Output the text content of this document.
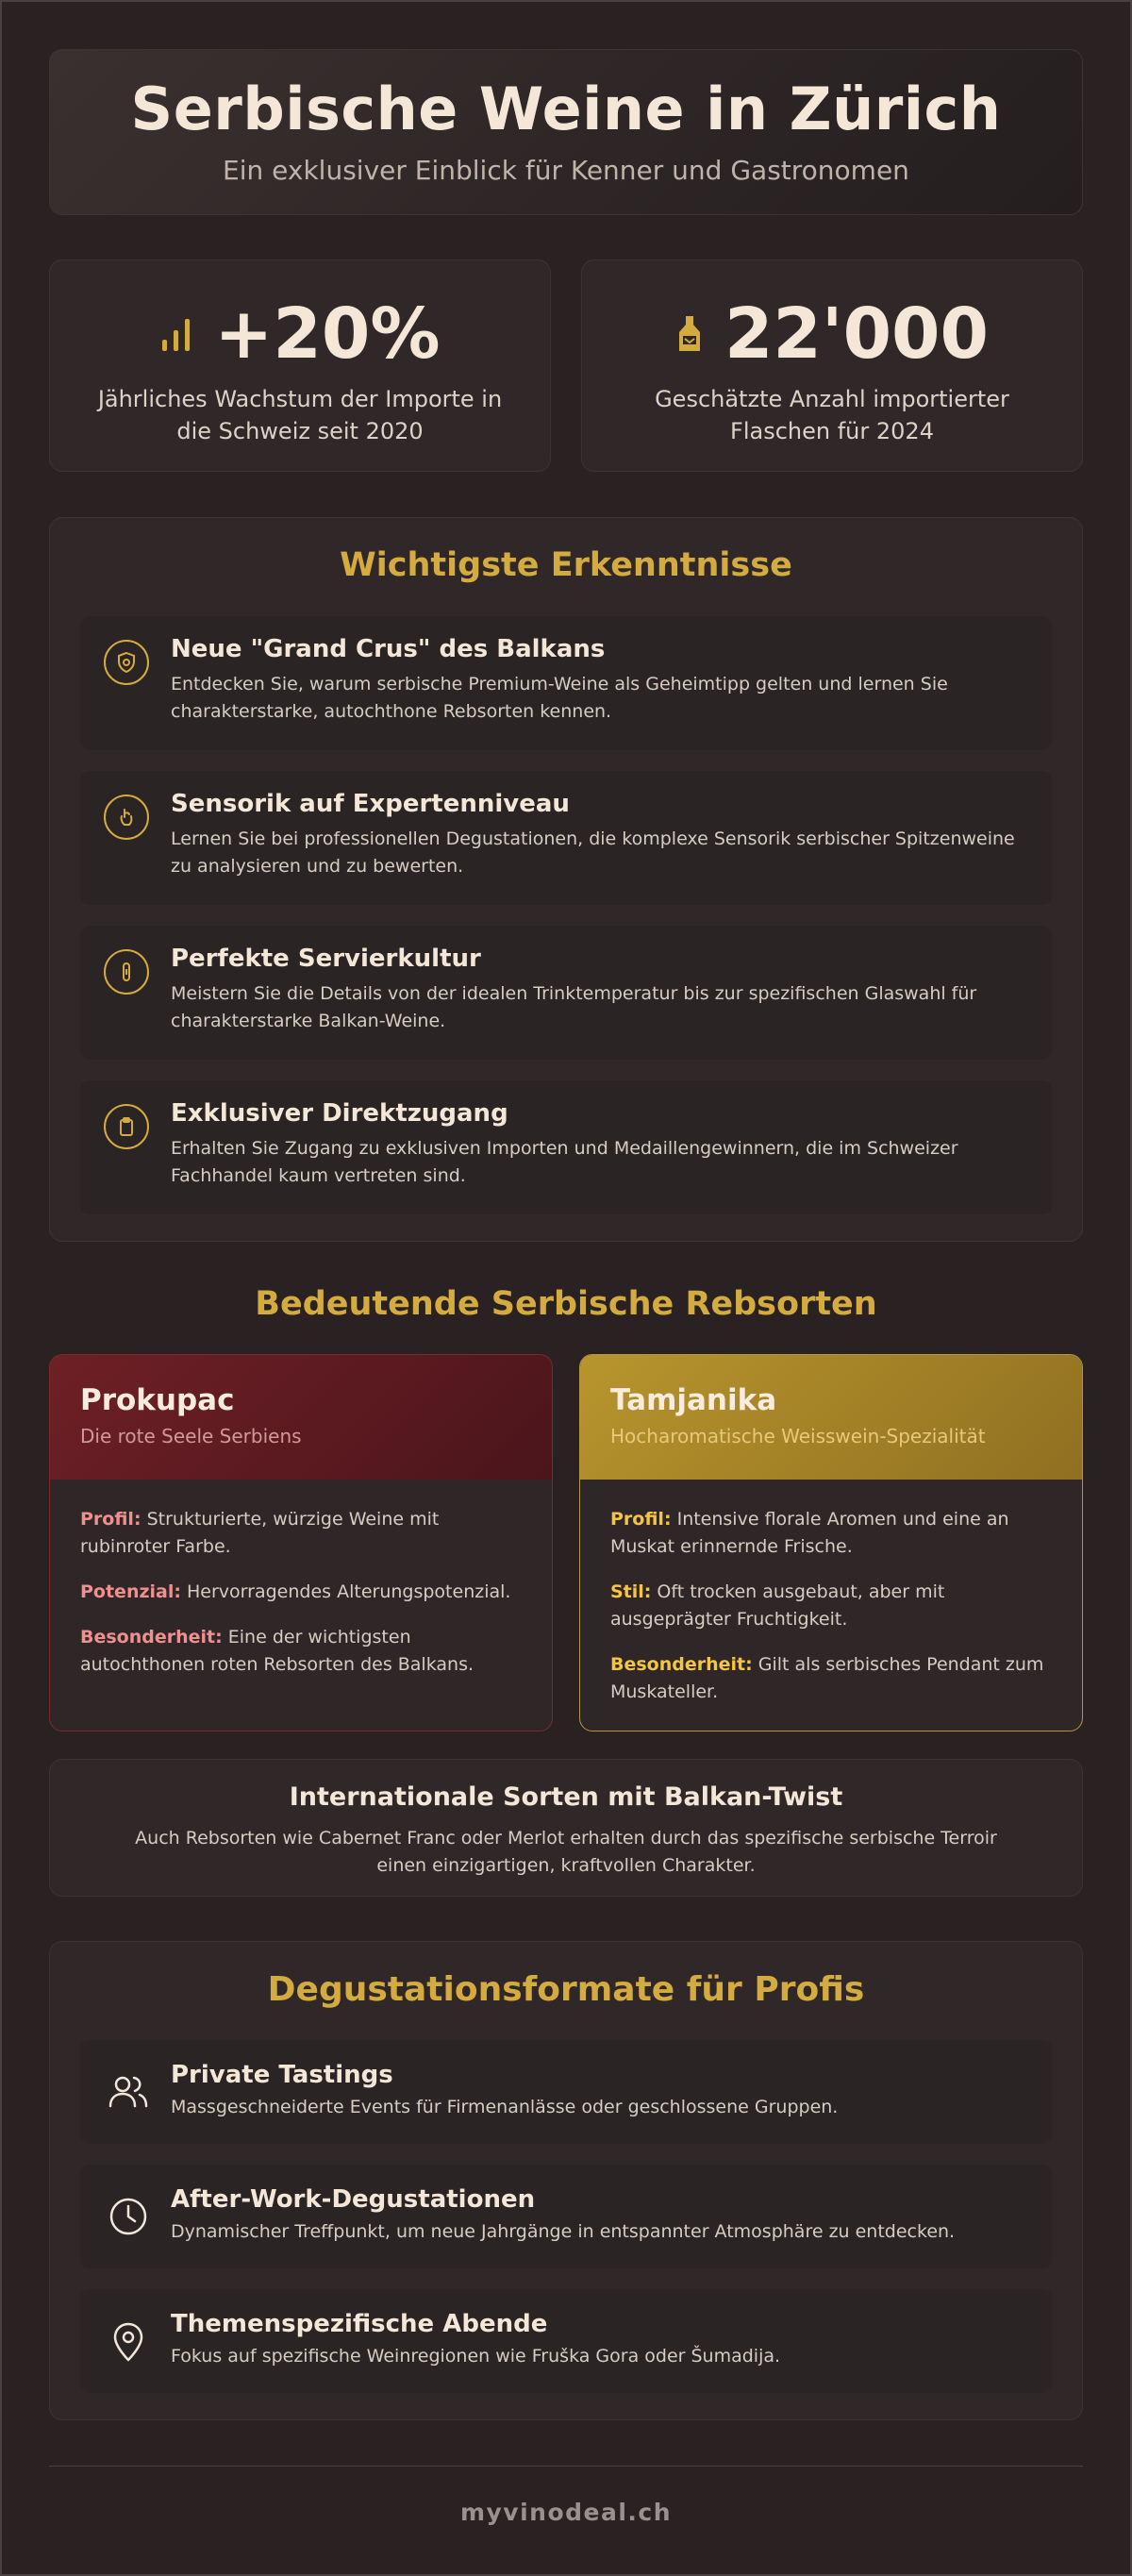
Serbische Weine in Zürich

Ein exklusiver Einblick für Kenner und Gastronomen

+20%
Jährliches Wachstum der Importe in die Schweiz seit 2020
22'000
Geschätzte Anzahl importierter Flaschen für 2024
Wichtigste Erkenntnisse
Neue "Grand Crus" des Balkans

Entdecken Sie, warum serbische Premium-Weine als Geheimtipp gelten und lernen Sie charakterstarke, autochthone Rebsorten kennen.

Sensorik auf Expertenniveau

Lernen Sie bei professionellen Degustationen, die komplexe Sensorik serbischer Spitzenweine zu analysieren und zu bewerten.

Perfekte Servierkultur

Meistern Sie die Details von der idealen Trinktemperatur bis zur spezifischen Glaswahl für charakterstarke Balkan-Weine.

Exklusiver Direktzugang

Erhalten Sie Zugang zu exklusiven Importen und Medaillengewinnern, die im Schweizer Fachhandel kaum vertreten sind.

Bedeutende Serbische Rebsorten
Prokupac
Die rote Seele Serbiens

Profil: Strukturierte, würzige Weine mit rubinroter Farbe.

Potenzial: Hervorragendes Alterungspotenzial.

Besonderheit: Eine der wichtigsten autochthonen roten Rebsorten des Balkans.

Tamjanika
Hocharomatische Weisswein-Spezialität

Profil: Intensive florale Aromen und eine an Muskat erinnernde Frische.

Stil: Oft trocken ausgebaut, aber mit ausgeprägter Fruchtigkeit.

Besonderheit: Gilt als serbisches Pendant zum Muskateller.

Internationale Sorten mit Balkan-Twist

Auch Rebsorten wie Cabernet Franc oder Merlot erhalten durch das spezifische serbische Terroir einen einzigartigen, kraftvollen Charakter.

Degustationsformate für Profis
Private Tastings

Massgeschneiderte Events für Firmenanlässe oder geschlossene Gruppen.

After-Work-Degustationen

Dynamischer Treffpunkt, um neue Jahrgänge in entspannter Atmosphäre zu entdecken.

Themenspezifische Abende

Fokus auf spezifische Weinregionen wie Fruška Gora oder Šumadija.

myvinodeal.ch
